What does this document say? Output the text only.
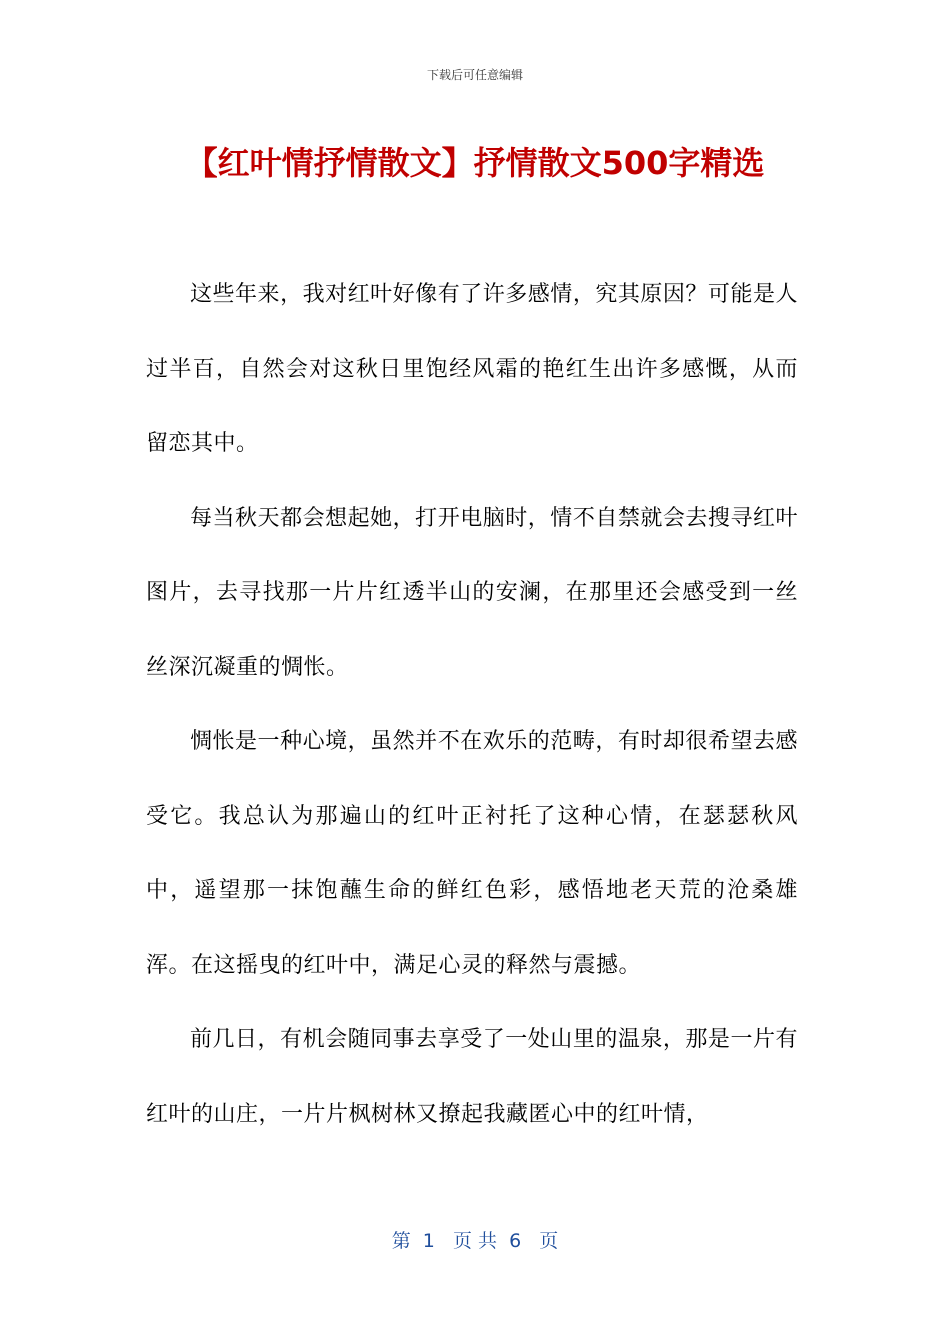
下载后可任意编辑
【红叶情抒情散文】抒情散文500字精选

这些年来，我对红叶好像有了许多感情，究其原因？可能是人过半百，自然会对这秋日里饱经风霜的艳红生出许多感慨，从而留恋其中。

每当秋天都会想起她，打开电脑时，情不自禁就会去搜寻红叶图片，去寻找那一片片红透半山的安澜，在那里还会感受到一丝丝深沉凝重的惆怅。

惆怅是一种心境，虽然并不在欢乐的范畴，有时却很希望去感受它。我总认为那遍山的红叶正衬托了这种心情，在瑟瑟秋风中，遥望那一抹饱蘸生命的鲜红色彩，感悟地老天荒的沧桑雄浑。在这摇曳的红叶中，满足心灵的释然与震撼。

前几日，有机会随同事去享受了一处山里的温泉，那是一片有红叶的山庄，一片片枫树林又撩起我藏匿心中的红叶情，

第  1   页 共  6   页
